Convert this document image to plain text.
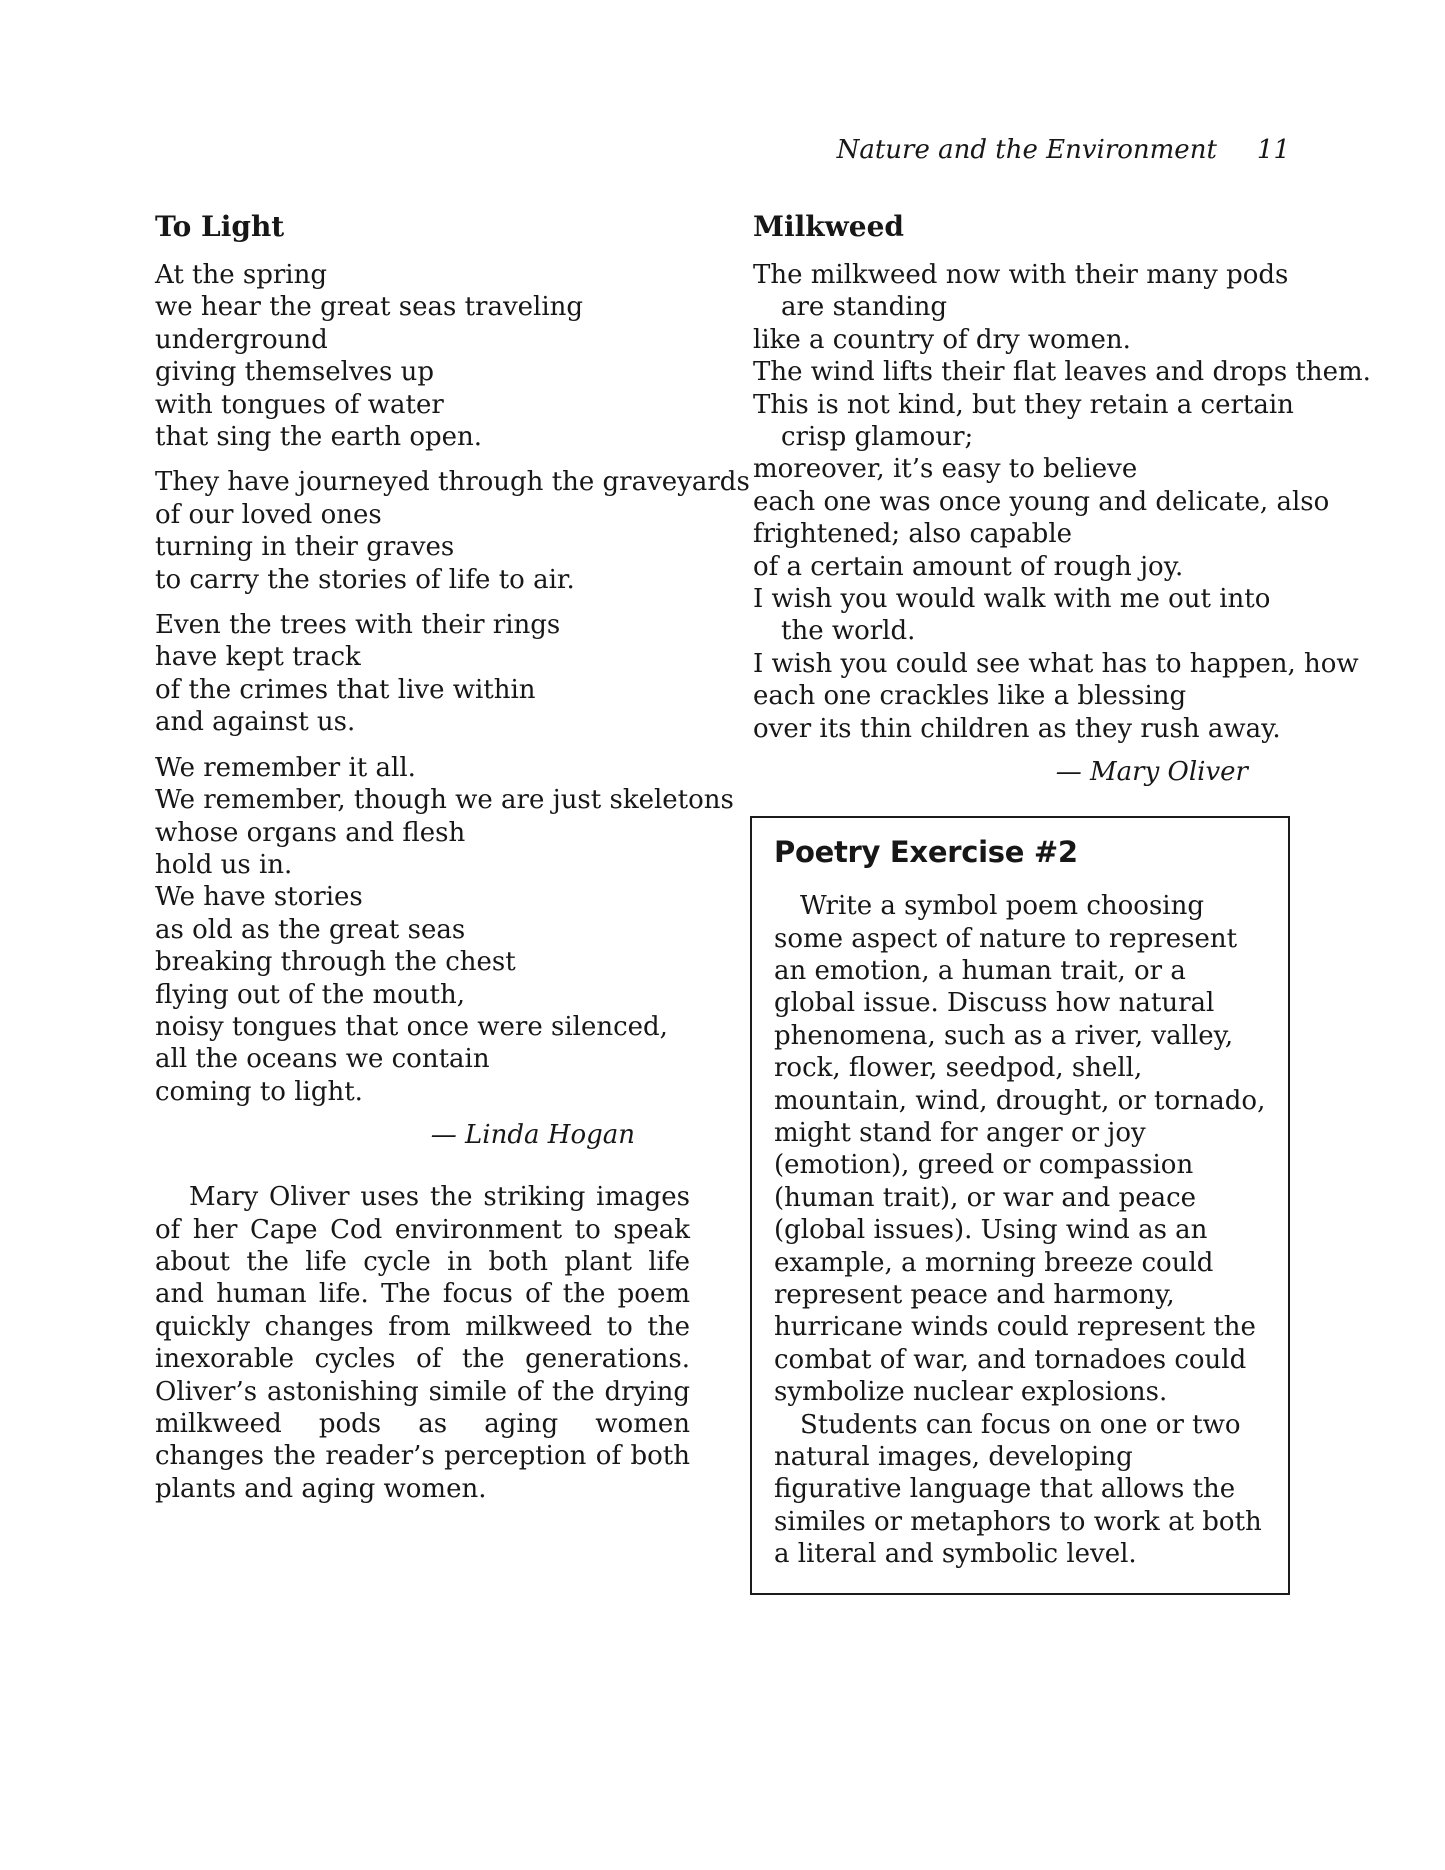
Nature and the Environment 11
To Light
At the spring
we hear the great seas traveling
underground
giving themselves up
with tongues of water
that sing the earth open.
They have journeyed through the graveyards
of our loved ones
turning in their graves
to carry the stories of life to air.
Even the trees with their rings
have kept track
of the crimes that live within
and against us.
We remember it all.
We remember, though we are just skeletons
whose organs and flesh
hold us in.
We have stories
as old as the great seas
breaking through the chest
flying out of the mouth,
noisy tongues that once were silenced,
all the oceans we contain
coming to light.
— Linda Hogan

Mary Oliver uses the striking images of her Cape Cod environment to speak about the life cycle in both plant life and human life. The focus of the poem quickly changes from milkweed to the inexorable cycles of the generations. Oliver’s astonishing simile of the drying milkweed pods as aging women changes the reader’s perception of both plants and aging women.

Milkweed
The milkweed now with their many pods
are standing
like a country of dry women.
The wind lifts their flat leaves and drops them.
This is not kind, but they retain a certain
crisp glamour;
moreover, it’s easy to believe
each one was once young and delicate, also
frightened; also capable
of a certain amount of rough joy.
I wish you would walk with me out into
the world.
I wish you could see what has to happen, how
each one crackles like a blessing
over its thin children as they rush away.
— Mary Oliver
Poetry Exercise #2

Write a symbol poem choosing some aspect of nature to represent an emotion, a human trait, or a global issue. Discuss how natural phenomena, such as a river, valley, rock, flower, seedpod, shell, mountain, wind, drought, or tornado, might stand for anger or joy (emotion), greed or compassion (human trait), or war and peace (global issues). Using wind as an example, a morning breeze could represent peace and harmony, hurricane winds could represent the combat of war, and tornadoes could symbolize nuclear explosions.

Students can focus on one or two natural images, developing figurative language that allows the similes or metaphors to work at both a literal and symbolic level.
